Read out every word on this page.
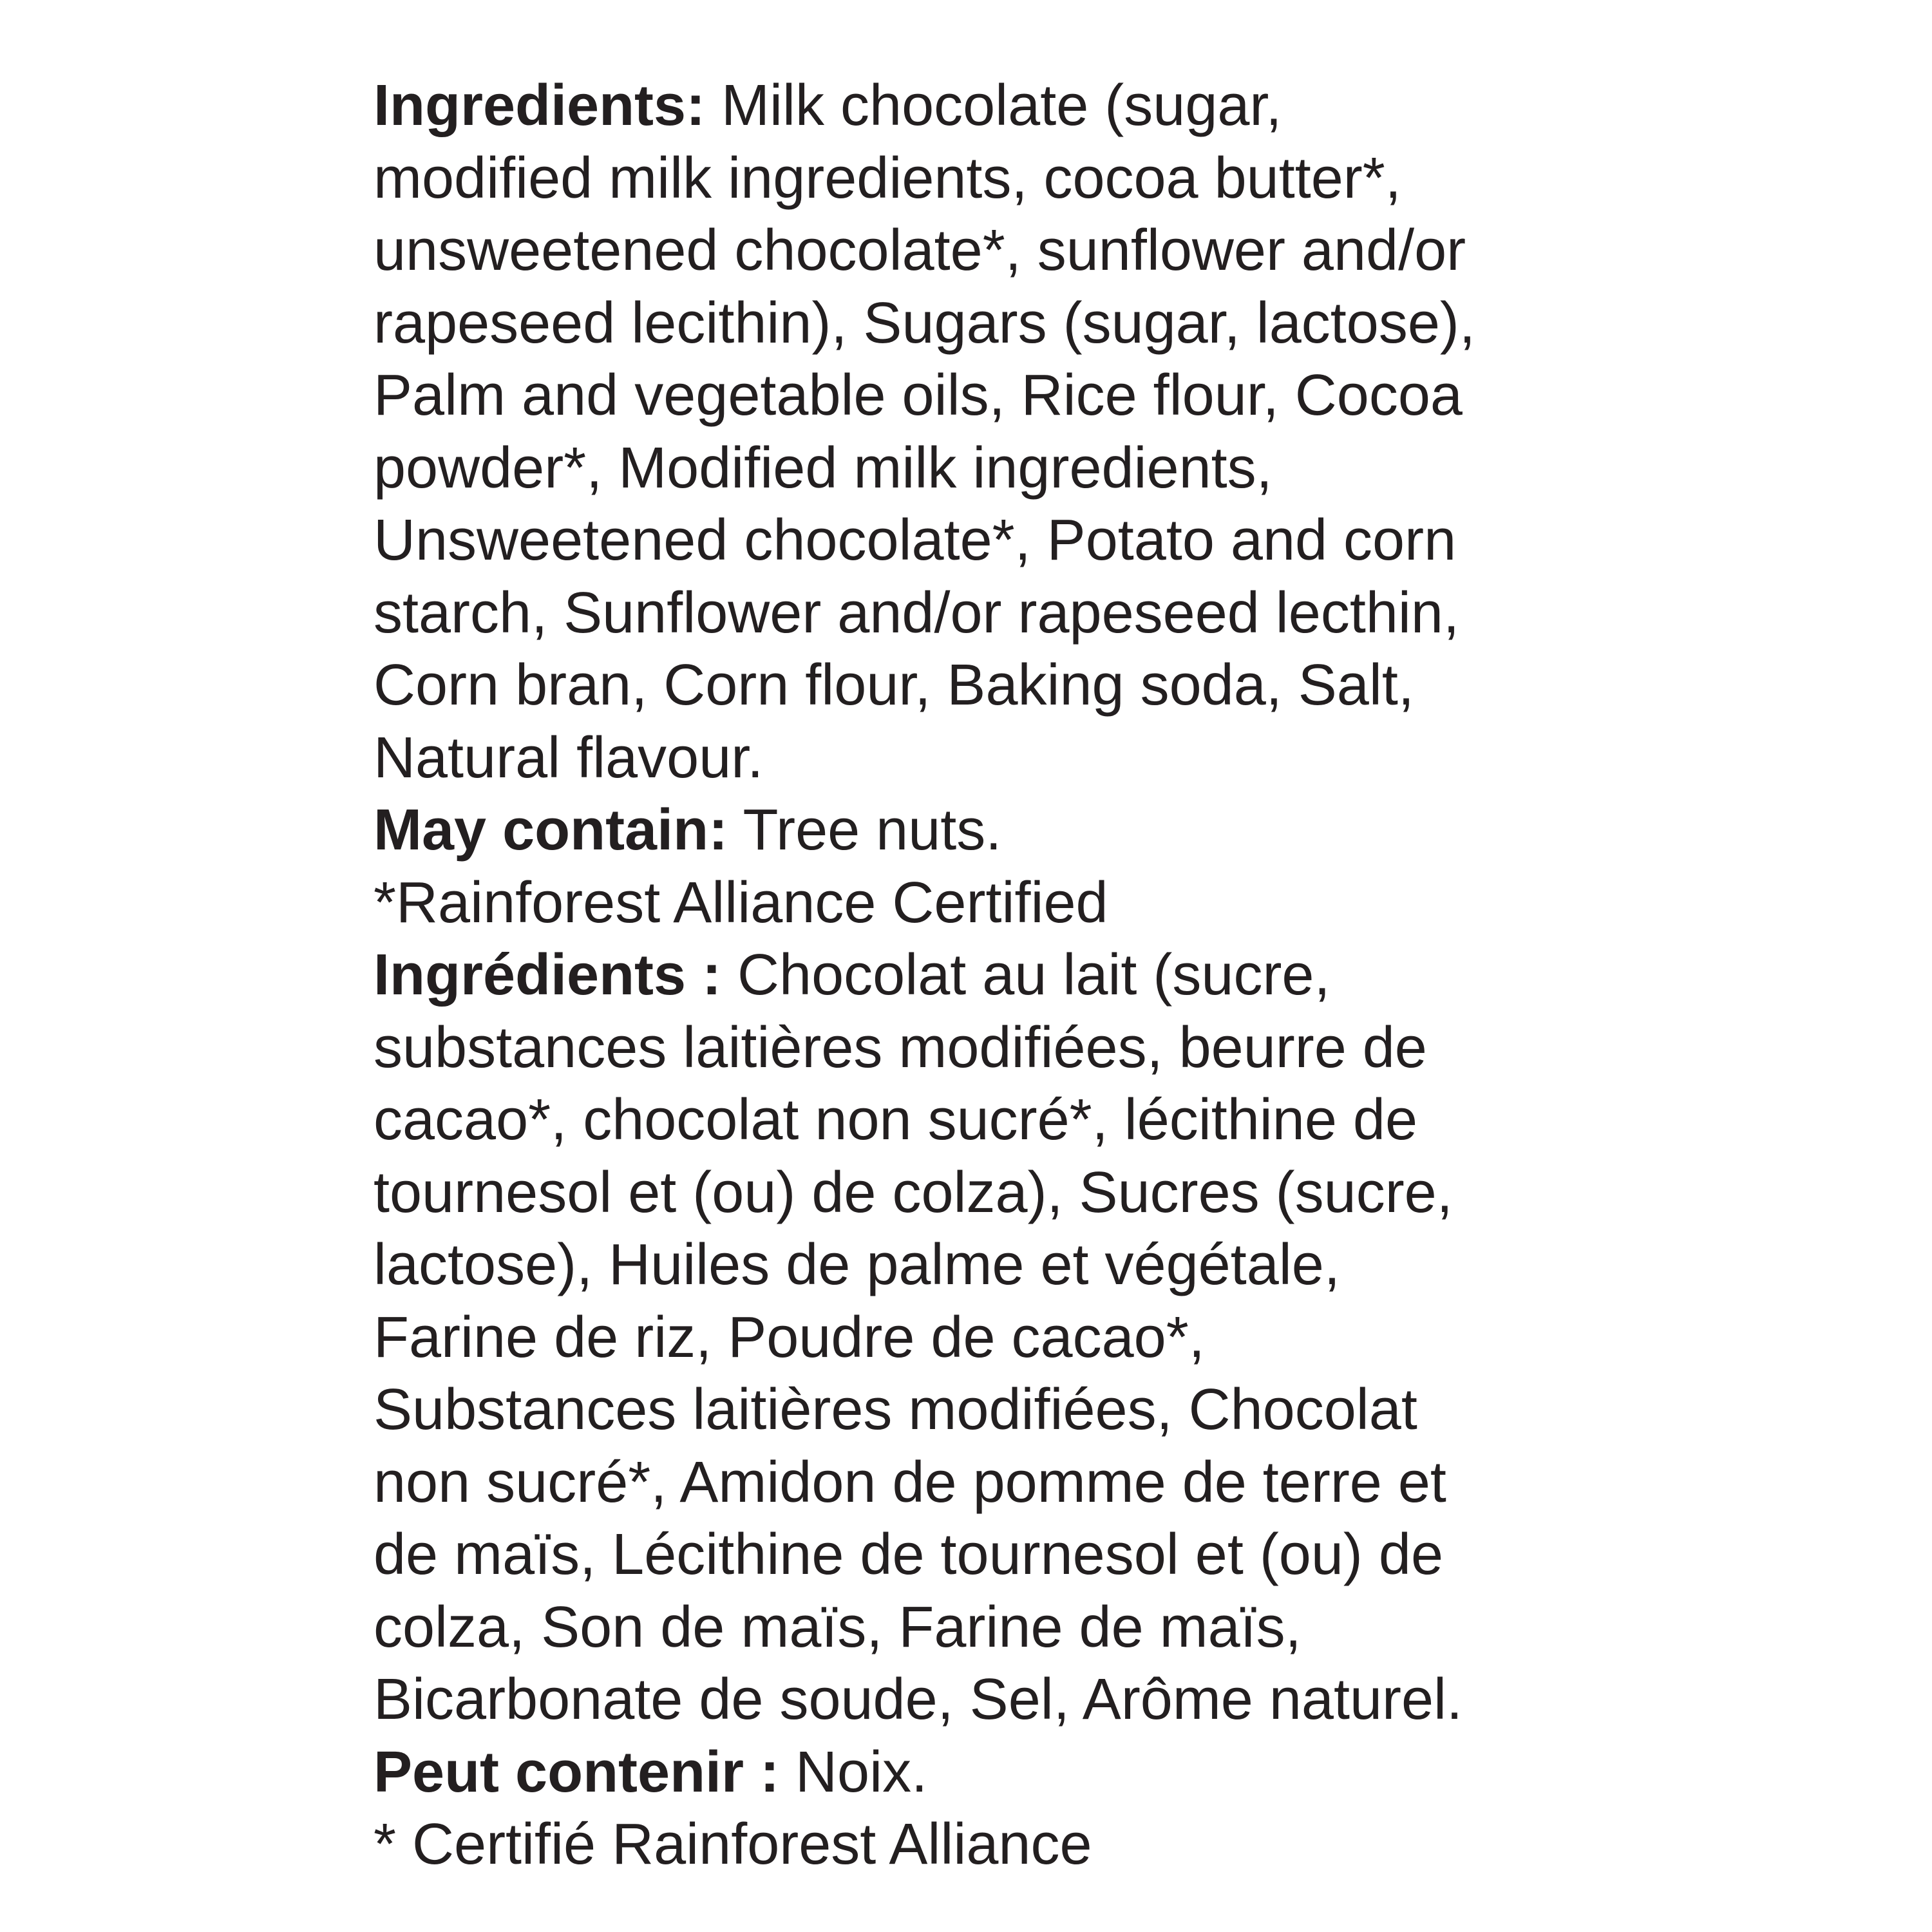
Ingredients: Milk chocolate (sugar,
modified milk ingredients, cocoa butter*,
unsweetened chocolate*, sunflower and/or
rapeseed lecithin), Sugars (sugar, lactose),
Palm and vegetable oils, Rice flour, Cocoa
powder*, Modified milk ingredients,
Unsweetened chocolate*, Potato and corn
starch, Sunflower and/or rapeseed lecthin,
Corn bran, Corn flour, Baking soda, Salt,
Natural flavour.
May contain: Tree nuts.
*Rainforest Alliance Certified
Ingrédients : Chocolat au lait (sucre,
substances laitières modifiées, beurre de
cacao*, chocolat non sucré*, lécithine de
tournesol et (ou) de colza), Sucres (sucre,
lactose), Huiles de palme et végétale,
Farine de riz, Poudre de cacao*,
Substances laitières modifiées, Chocolat
non sucré*, Amidon de pomme de terre et
de maïs, Lécithine de tournesol et (ou) de
colza, Son de maïs, Farine de maïs,
Bicarbonate de soude, Sel, Arôme naturel.
Peut contenir : Noix.
* Certifié Rainforest Alliance
